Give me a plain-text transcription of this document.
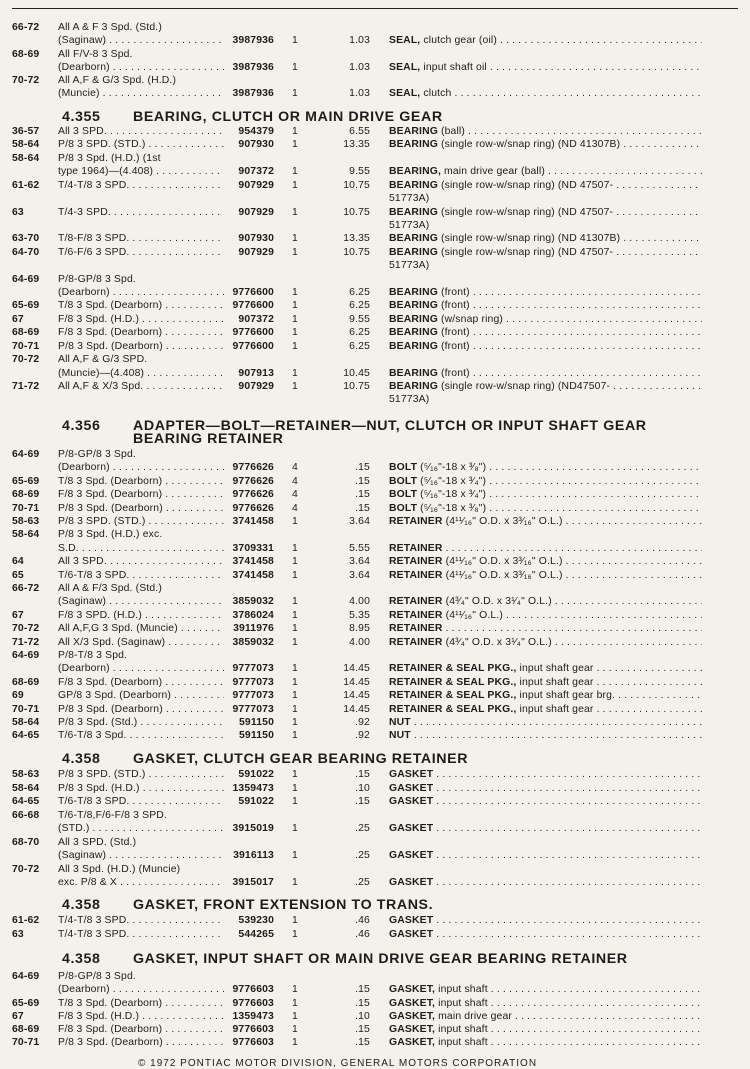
66-72 All A & F 3 Spd. (Std.)
(Saginaw) . . .	3987936 1	1.03 SEAL, clutch gear (oil) . . .
68-69 All F/V-8 3 Spd.
(Dearborn) . . .	3987936 1	1.03 SEAL, input shaft oil . . .
70-72 All A,F & G/3 Spd. (H.D.)
(Muncie) . . .	3987936 1	1.03 SEAL, clutch . . .
4.355 BEARING, CLUTCH OR MAIN DRIVE GEAR
36-57 All 3 SPD. . . .	954379 1	6.55 BEARING (ball) . . .
58-64 P/8 3 SPD. (STD.) . . .	907930 1	13.35 BEARING (single row-w/snap ring) (ND 41307B) . . .
58-64 P/8 3 Spd. (H.D.) (1st
type 1964)—(4.408) . . .	907372 1	9.55 BEARING, main drive gear (ball) . . .
61-62 T/4-T/8 3 SPD. . . .	907929 1	10.75 BEARING (single row-w/snap ring) (ND 47507- . . .
51773A)
63	T/4-3 SPD. . . .	907929 1	10.75 BEARING (single row-w/snap ring) (ND 47507- . . .
51773A)
63-70 T/8-F/8 3 SPD. . . .	907930 1	13.35 BEARING (single row-w/snap ring) (ND 41307B) . . .
64-70 T/6-F/6 3 SPD. . . .	907929 1	10.75 BEARING (single row-w/snap ring) (ND 47507- . . .
51773A)
64-69 P/8-GP/8 3 Spd.
(Dearborn) . . .	9776600 1	6.25 BEARING (front) . . .
65-69 T/8 3 Spd. (Dearborn) . . .	9776600 1	6.25 BEARING (front) . . .
67	F/8 3 Spd. (H.D.) . . .	907372 1	9.55 BEARING (w/snap ring) . . .
68-69 F/8 3 Spd. (Dearborn) . . .	9776600 1	6.25 BEARING (front) . . .
70-71 P/8 3 Spd. (Dearborn) . . .	9776600 1	6.25 BEARING (front) . . .
70-72 All A,F & G/3 SPD.
(Muncie)—(4.408) . . .	907913 1	10.45 BEARING (front) . . .
71-72 All A,F & X/3 Spd. . . .	907929 1	10.75 BEARING (single row-w/snap ring) (ND47507- . . .
51773A)
4.356 ADAPTER—BOLT—RETAINER—NUT, CLUTCH OR INPUT SHAFT GEAR
BEARING RETAINER
64-69 P/8-GP/8 3 Spd.
(Dearborn) . . .	9776626 4	.15 BOLT (⁵⁄₁₆"-18 x ³⁄₈") . . .
65-69 T/8 3 Spd. (Dearborn) . . .	9776626 4	.15 BOLT (⁵⁄₁₆"-18 x ³⁄₄") . . .
68-69 F/8 3 Spd. (Dearborn) . . .	9776626 4	.15 BOLT (⁵⁄₁₆"-18 x ³⁄₄") . . .
70-71 P/8 3 Spd. (Dearborn) . . .	9776626 4	.15 BOLT (⁵⁄₁₆"-18 x ³⁄₈") . . .
58-63 P/8 3 SPD. (STD.) . . .	3741458 1	3.64 RETAINER (4¹¹⁄₁₆" O.D. x 3³⁄₁₆" O.L.) . . .
58-64 P/8 3 Spd. (H.D.) exc.
S.D. . . .	3709331 1	5.55 RETAINER . . .
64	All 3 SPD. . . .	3741458 1	3.64 RETAINER (4¹¹⁄₁₆" O.D. x 3³⁄₁₆" O.L.) . . .
65	T/6-T/8 3 SPD. . . .	3741458 1	3.64 RETAINER (4¹¹⁄₁₆" O.D. x 3³⁄₁₆" O.L.) . . .
66-72 All A & F/3 Spd. (Std.)
(Saginaw) . . .	3859032 1	4.00 RETAINER (4³⁄₄" O.D. x 3¹⁄₄" O.L.) . . .
67	F/8 3 SPD. (H.D.) . . .	3786024 1	5.35 RETAINER (4¹¹⁄₁₆" O.L.) . . .
70-72 All A,F,G 3 Spd. (Muncie) . . .	3911976 1	8.95 RETAINER . . .
71-72 All X/3 Spd. (Saginaw) . . .	3859032 1	4.00 RETAINER (4³⁄₄" O.D. x 3¹⁄₄" O.L.) . . .
64-69 P/8-T/8 3 Spd.
(Dearborn) . . .	9777073 1	14.45 RETAINER & SEAL PKG., input shaft gear . . .
68-69 F/8 3 Spd. (Dearborn) . . .	9777073 1	14.45 RETAINER & SEAL PKG., input shaft gear . . .
69	GP/8 3 Spd. (Dearborn) . . .	9777073 1	14.45 RETAINER & SEAL PKG., input shaft gear brg. . . .
70-71 P/8 3 Spd. (Dearborn) . . .	9777073 1	14.45 RETAINER & SEAL PKG., input shaft gear . . .
58-64 P/8 3 Spd. (Std.) . . .	591150 1	.92 NUT . . .
64-65 T/6-T/8 3 Spd. . . .	591150 1	.92 NUT . . .
4.358 GASKET, CLUTCH GEAR BEARING RETAINER
58-63 P/8 3 SPD. (STD.) . . .	591022 1	.15 GASKET . . .
58-64 P/8 3 Spd. (H.D.) . . .	1359473 1	.10 GASKET . . .
64-65 T/6-T/8 3 SPD. . . .	591022 1	.15 GASKET . . .
66-68 T/6-T/8,F/6-F/8 3 SPD.
(STD.) . . .	3915019 1	.25 GASKET . . .
68-70 All 3 SPD. (Std.)
(Saginaw) . . .	3916113 1	.25 GASKET . . .
70-72 All 3 Spd. (H.D.) (Muncie)
exc. P/8 & X . . .	3915017 1	.25 GASKET . . .
4.358 GASKET, FRONT EXTENSION TO TRANS.
61-62 T/4-T/8 3 SPD. . . .	539230 1	.46 GASKET . . .
63	T/4-T/8 3 SPD. . . .	544265 1	.46 GASKET . . .
4.358 GASKET, INPUT SHAFT OR MAIN DRIVE GEAR BEARING RETAINER
64-69 P/8-GP/8 3 Spd.
(Dearborn) . . .	9776603 1	.15 GASKET, input shaft . . .
65-69 T/8 3 Spd. (Dearborn) . . .	9776603 1	.15 GASKET, input shaft . . .
67	F/8 3 Spd. (H.D.) . . .	1359473 1	.10 GASKET, main drive gear . . .
68-69 F/8 3 Spd. (Dearborn) . . .	9776603 1	.15 GASKET, input shaft . . .
70-71 P/8 3 Spd. (Dearborn) . . .	9776603 1	.15 GASKET, input shaft . . .
© 1972 PONTIAC MOTOR DIVISION, GENERAL MOTORS CORPORATION
